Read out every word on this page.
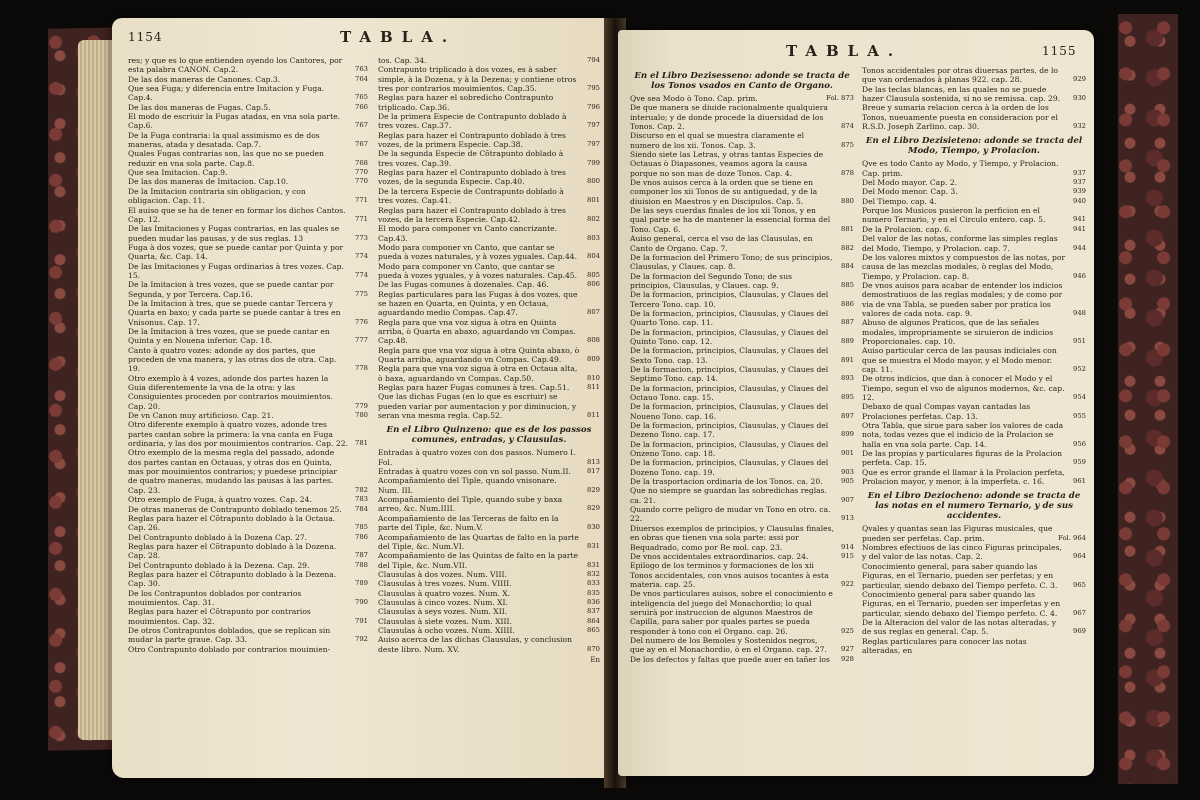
1154	TABLA.
res; y que es lo que entienden oyendo los Cantores, por esta palabra CANON. Cap.2.	763
De las dos maneras de Canones. Cap.3.	764
Que sea Fuga; y diferencia entre Imitacion y Fuga. Cap.4.	765
De las dos maneras de Fugas. Cap.5.	766
El modo de escriuir la Fugas atadas, en vna sola parte. Cap.6.	767
De la Fuga contraria: la qual assimismo es de dos maneras, atada y desatada. Cap.7.	767
Quales Fugas contrarias son, las que no se pueden reduzir en vna sola parte. Cap.8.	768
Que sea Imitacion. Cap.9.	770
De las dos maneras de Imitacion. Cap.10.	770
De la Imitacion contraria sin obligacion, y con obligacion. Cap. 11.	771
El auiso que se ha de tener en formar los dichos Cantos. Cap. 12.	771
De las Imitaciones y Fugas contrarias, en las quales se pueden mudar las pausas, y de sus reglas. 13	773
Fuga à dos vozes, que se puede cantar por Quinta y por Quarta, &c. Cap. 14.	774
De las Imitaciones y Fugas ordinarias à tres vozes. Cap. 15.	774
De la Imitacion à tres vozes, que se puede cantar por Segunda, y por Tercera. Cap.16.	775
De la Imitacion à tres, que se puede cantar Tercera y Quarta en baxo; y cada parte se puede cantar à tres en Vnisonus. Cap. 17.	776
De la Imitacion à tres vozes, que se puede cantar en Quinta y en Nouena inferior. Cap. 18.	777
Canto à quatro vozes: adonde ay dos partes, que proceden de vna manera, y las otras dos de otra. Cap. 19.	778
Otro exemplo à 4 vozes, adonde dos partes hazen la Guia diferentemente la vna de la otra: y las Consiguientes proceden por contrarios mouimientos. Cap. 20.	779
De vn Canon muy artificioso. Cap. 21.	780
Otro diferente exemplo à quatro vozes, adonde tres partes cantan sobre la primera: la vna canta en Fuga ordinaria, y las dos por mouimientos contrarios. Cap. 22. 781
Otro exemplo de la mesma regla del passado, adonde dos partes cantan en Octauas, y otras dos en Quinta, mas por mouimientos contrarios; y puedese principiar de quatro maneras, mudando las pausas à las partes. Cap. 23.	782
Otro exemplo de Fuga, à quatro vozes. Cap. 24.	783
De otras maneras de Contrapunto doblado tenemos 25. 784
Reglas para hazer el Cõtrapunto doblado à la Octaua. Cap. 26.	785
Del Contrapunto doblado à la Dozena Cap. 27.	786
Reglas para hazer el Cõtrapunto doblado à la Dozena. Cap. 28.	787
Del Contrapunto doblado à la Dezena. Cap. 29.	788
Reglas para hazer el Cõtrapunto doblado à la Dezena. Cap. 30.	789
De los Contrapuntos doblados por contrarios mouimientos. Cap. 31.	790
Reglas para hazer el Cõtrapunto por contrarios mouimientos. Cap. 32.	791
De otros Contrapuntos doblados, que se replican sin mudar la parte graue. Cap. 33.	792
Otro Contrapunto doblado por contrarios mouimien-
tos. Cap. 34.	794
Contrapunto triplicado à dos vozes, es à saber simple, à la Dozena, y à la Dezena; y contiene otros tres por contrarios mouimientos. Cap.35.	795
Reglas para hazer el sobredicho Contrapunto triplicado. Cap.36.	796
De la primera Especie de Contrapunto doblado à tres vozes. Cap.37.	797
Reglas para hazer el Contrapunto doblado à tres vozes, de la primera Especie. Cap.38.	797
De la segunda Especie de Cõtrapunto doblado à tres vozes. Cap.39.	799
Reglas para hazer el Contrapunto doblado à tres vozes, de la segunda Especie. Cap.40.	800
De la tercera Especie de Contrapunto doblado à tres vozes. Cap.41.	801
Reglas para hazer el Contrapunto doblado à tres vozes, de la tercera Especie. Cap.42.	802
El modo para componer vn Canto cancrizante. Cap.43.	803
Modo para componer vn Canto, que cantar se pueda à vozes naturales, y à vozes yguales. Cap.44. 804
Modo para componer vn Canto, que cantar se pueda à vozes yguales, y à vozes naturales. Cap.45. 805
De las Fugas comunes à dozenales. Cap. 46.	806
Reglas particulares para las Fugas à dos vozes, que se hazen en Quarta, en Quinta, y en Octaua, aguardando medio Compas. Cap.47.	807
Regla para que vna voz sigua à otra en Quinta arriba, ò Quarta en abaxo, aguardando vn Compas. Cap.48.	808
Regla para que vna voz sigua à otra Quinta abaxo, ò Quarta arriba, aguardando vn Compas. Cap.49.	809
Regla para que vna voz sigua à otra en Octaua alta, ò baxa, aguardando vn Compas. Cap.50.	810
Reglas para hazer Fugas comunes à tres. Cap.51.	811
Que las dichas Fugas (en lo que es escriuir) se pueden variar por aumentacion y por diminucion, y seran vna mesma regla. Cap.52.	811
En el Libro Quinzeno: que es de los passos comunes, entradas, y Clausulas.
Entradas à quatro vozes con dos passos. Numero I. Fol.	813
Entradas à quatro vozes con vn sol passo. Num.II. 817
Acompañamiento del Tiple, quando vnisonare. Num. III.	829
Acompañamiento del Tiple, quando sube y baxa arreo, &c. Num.IIII.	829
Acompañamiento de las Terceras de falto en la parte del Tiple, &c. Num.V.	830
Acompañamiento de las Quartas de falto en la parte del Tiple, &c. Num.VI.	831
Acompañamiento de las Quintas de falto en la parte del Tiple, &c. Num.VII.	831
Clausulas à dos vozes. Num. VIII.	832
Clausulas à tres vozes. Num. VIIII.	833
Clausulas à quatro vozes. Num. X.	835
Clausulas à cinco vozes. Num. XI.	836
Clausulas à seys vozes. Num. XII.	837
Clausulas à siete vozes. Num. XIII.	864
Clausulas à ocho vozes. Num. XIIII.	865
Auiso acerca de las dichas Clausulas, y conclusion deste libro. Num. XV.	870
En
TABLA.	1155
En el Libro Dezisesseno: adonde se tracta de los Tonos vsados en Canto de Organo.
Qve sea Modo ò Tono. Cap. prim.	Fol. 873
De que manera se diuide racionalmente qualquiera interualo; y de donde procede la diuersidad de los Tonos. Cap. 2.	874
Discurso en el qual se muestra claramente el numero de los xii. Tonos. Cap. 3.	875
Siendo siete las Letras, y otras tantas Especies de Octauas ò Diapasones, veamos agora la causa porque no son mas de doze Tonos. Cap. 4.	878
De vnos auisos cerca à la orden que se tiene en componer los xii Tonos de su antiguedad, y de la diuision en Maestros y en Discipulos. Cap. 5.	880
De las seys cuerdas finales de los xii Tonos, y en qual parte se ha de mantener la essencial forma del Tono. Cap. 6.	881
Auiso general, cerca el vso de las Clausulas, en Canto de Organo. Cap. 7.	882
De la formacion del Primero Tono; de sus principios, Clausulas, y Claues. cap. 8.	884
De la formacion del Segundo Tono; de sus principios, Clausulas, y Claues. cap. 9.	885
De la formacion, principios, Clausulas, y Claues del Tercero Tono. cap. 10.	886
De la formacion, principios, Clausulas, y Claues del Quarto Tono. cap. 11.	887
De la formacion, principios, Clausulas, y Claues del Quinto Tono. cap. 12.	889
De la formacion, principios, Clausulas, y Claues del Sexto Tono. cap. 13.	891
De la formacion, principios, Clausulas, y Claues del Septimo Tono. cap. 14.	893
De la formacion, principios, Clausulas, y Claues del Octauo Tono. cap. 15.	895
De la formacion, principios, Clausulas, y Claues del Noueno Tono. cap. 16.	897
De la formacion, principios, Clausulas, y Claues del Dezeno Tono. cap. 17.	899
De la formacion, principios, Clausulas, y Claues del Onzeno Tono. cap. 18.	901
De la formacion, principios, Clausulas, y Claues del Dozeno Tono. cap. 19.	903
De la trasportacion ordinaria de los Tonos. ca. 20.	905
Que no siempre se guardan las sobredichas reglas. ca. 21.	907
Quando corre peligro de mudar vn Tono en otro. ca. 22.	913
Diuersos exemplos de principios, y Clausulas finales, en obras que tienen vna sola parte: assi por Bequadrado, como por Be mol. cap. 23.	914
De vnos accidentales extraordinarios. cap. 24.	915
Epilogo de los terminos y formaciones de los xii Tonos accidentales, con vnos auisos tocantes à esta materia. cap. 25.	922
De vnos particulares auisos, sobre el conocimiento e inteligencia del juego del Monachordio; lo qual seruirà por instruccion de algunos Maestros de Capilla, para saber por quales partes se pueda responder à tono con el Organo. cap. 26.	925
Del numero de los Bemoles y Sostenidos negros, que ay en el Monachordio, ò en el Organo. cap. 27. 927
De los defectos y faltas que puede auer en tañer los 928
Tonos accidentales por otras diuersas partes, de lo que van ordenados à planas 922. cap. 28.	929
De las teclas blancas, en las quales no se puede hazer Clausula sostenida, si no se remissa. cap. 29. 930
Breue y sumaria relacion cerca à la orden de los Tonos, nueuamente puesta en consideracion por el R.S.D. Joseph Zarlino. cap. 30.	932
En el Libro Dezisieteno: adonde se tracta del Modo, Tiempo, y Prolacion.
Qve es todo Canto ay Modo, y Tiempo, y Prolacion. Cap. prim.	937
Del Modo mayor. Cap. 2.	937
Del Modo menor. Cap. 3.	939
Del Tiempo. cap. 4.	940
Porque los Musicos pusieron la perficion en el numero Ternario, y en el Circulo entero. cap. 5.	941
De la Prolacion. cap. 6.	941
Del valor de las notas, conforme las simples reglas del Modo, Tiempo, y Prolacion. cap. 7.	944
De los valores mixtos y compuestos de las notas, por causa de las mezclas modales, ò reglas del Modo, Tiempo, y Prolacion. cap. 8.	946
De vnos auisos para acabar de entender los indicios demostratiuos de las reglas modales; y de como por via de vna Tabla, se pueden saber por pratica los valores de cada nota. cap. 9.	948
Abuso de algunos Praticos, que de las señales modales, impropriamente se siruieron de indicios Proporcionales. cap. 10.	951
Auiso particular cerca de las pausas indiciales con que se muestra el Modo mayor, y el Modo menor. cap. 11.	952
De otros indicios, que dan à conocer el Modo y el Tiempo, segun el vso de algunos modernos, &c. cap. 12.	954
Debaxo de qual Compas vayan cantadas las Prolaciones perfetas. Cap. 13.	955
Otra Tabla, que sirue para saber los valores de cada nota, todas vezes que el indicio de la Prolacion se halla en vna sola parte. Cap. 14.	956
De las propias y particulares figuras de la Prolacion perfeta. Cap. 15.	959
Que es error grande el llamar à la Prolacion perfeta, Prolacion mayor, y menor, à la imperfeta. c. 16.	961
En el Libro Deziocheno: adonde se tracta de las notas en el numero Ternario, y de sus accidentes.
Qvales y quantas sean las Figuras musicales, que pueden ser perfetas. Cap. prim.	Fol. 964
Nombres efectiuos de las cinco Figuras principales, y del valor de las notas. Cap. 2.	964
Conocimiento general, para saber quando las Figuras, en el Ternario, pueden ser perfetas; y en particular, siendo debaxo del Tiempo perfeto. C. 3. 965
Conocimiento general para saber quando las Figuras, en el Ternario, pueden ser imperfetas y en particular, siendo debaxo del Tiempo perfeto. C. 4. 967
De la Alteracion del valor de las notas alteradas, y de sus reglas en general. Cap. 5.	969
Reglas particulares para conocer las notas alteradas, en
